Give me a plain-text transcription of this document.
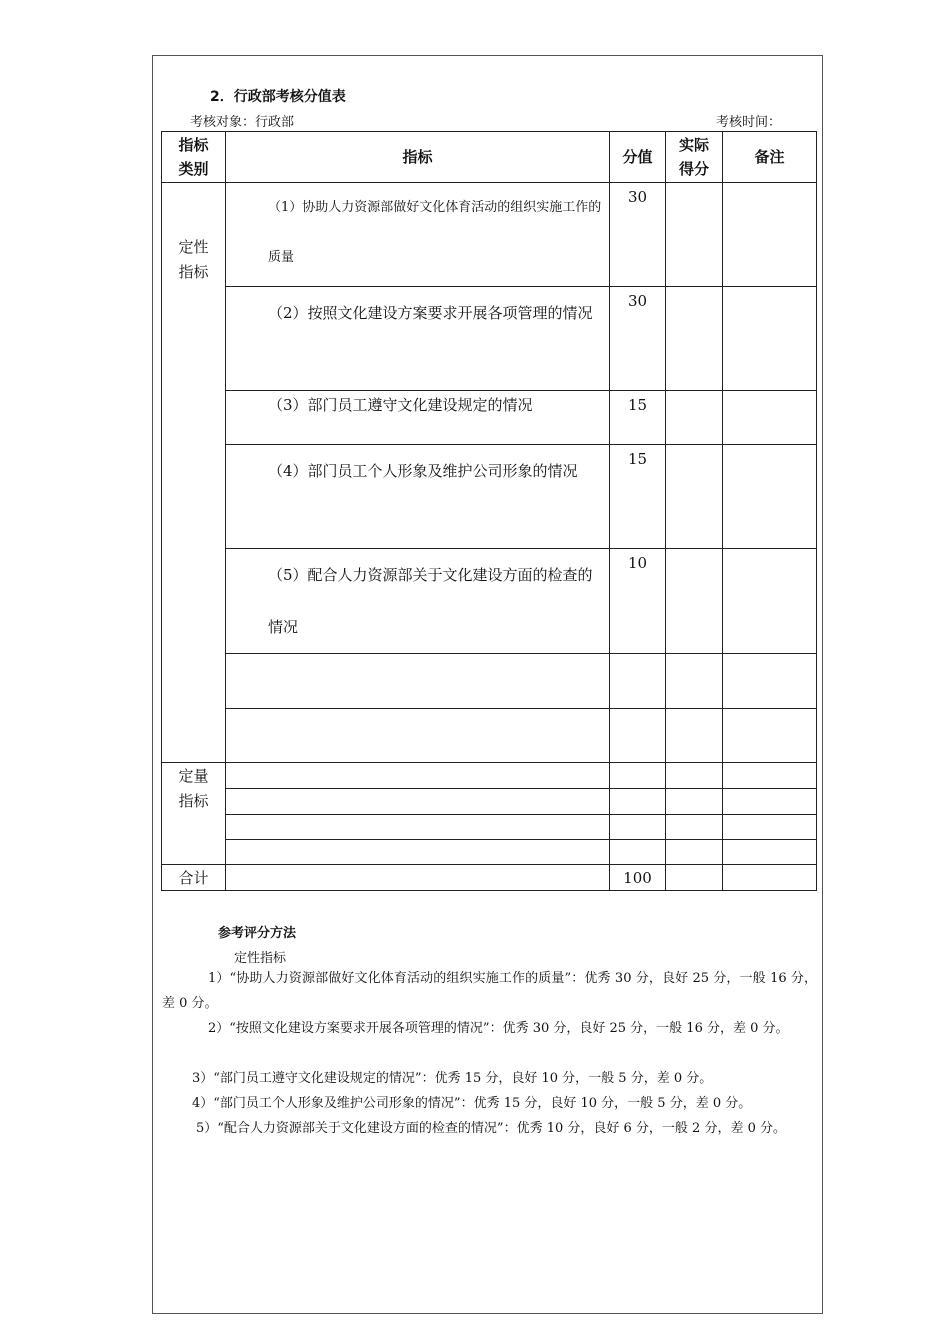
2．行政部考核分值表
考核对象：行政部	考核时间：
指标类别	指标	分值	实际得分	备注

定性指标	（1）协助人力资源部做好文化体育活动的组织实施工作的质量	30		
	（2）按照文化建设方案要求开展各项管理的情况	30		
	（3）部门员工遵守文化建设规定的情况	15		
	（4）部门员工个人形象及维护公司形象的情况	15		
	（5）配合人力资源部关于文化建设方面的检查的情况	10		

定量指标				

合计		100		
参考评分方法
定性指标
1）“协助人力资源部做好文化体育活动的组织实施工作的质量”：优秀 30 分，良好 25 分，一般 16 分，差 0 分。
2）“按照文化建设方案要求开展各项管理的情况”：优秀 30 分，良好 25 分，一般 16 分，差 0 分。
3）“部门员工遵守文化建设规定的情况”：优秀 15 分，良好 10 分，一般 5 分，差 0 分。
4）“部门员工个人形象及维护公司形象的情况”：优秀 15 分，良好 10 分，一般 5 分，差 0 分。
5）“配合人力资源部关于文化建设方面的检查的情况”：优秀 10 分，良好 6 分，一般 2 分，差 0 分。
